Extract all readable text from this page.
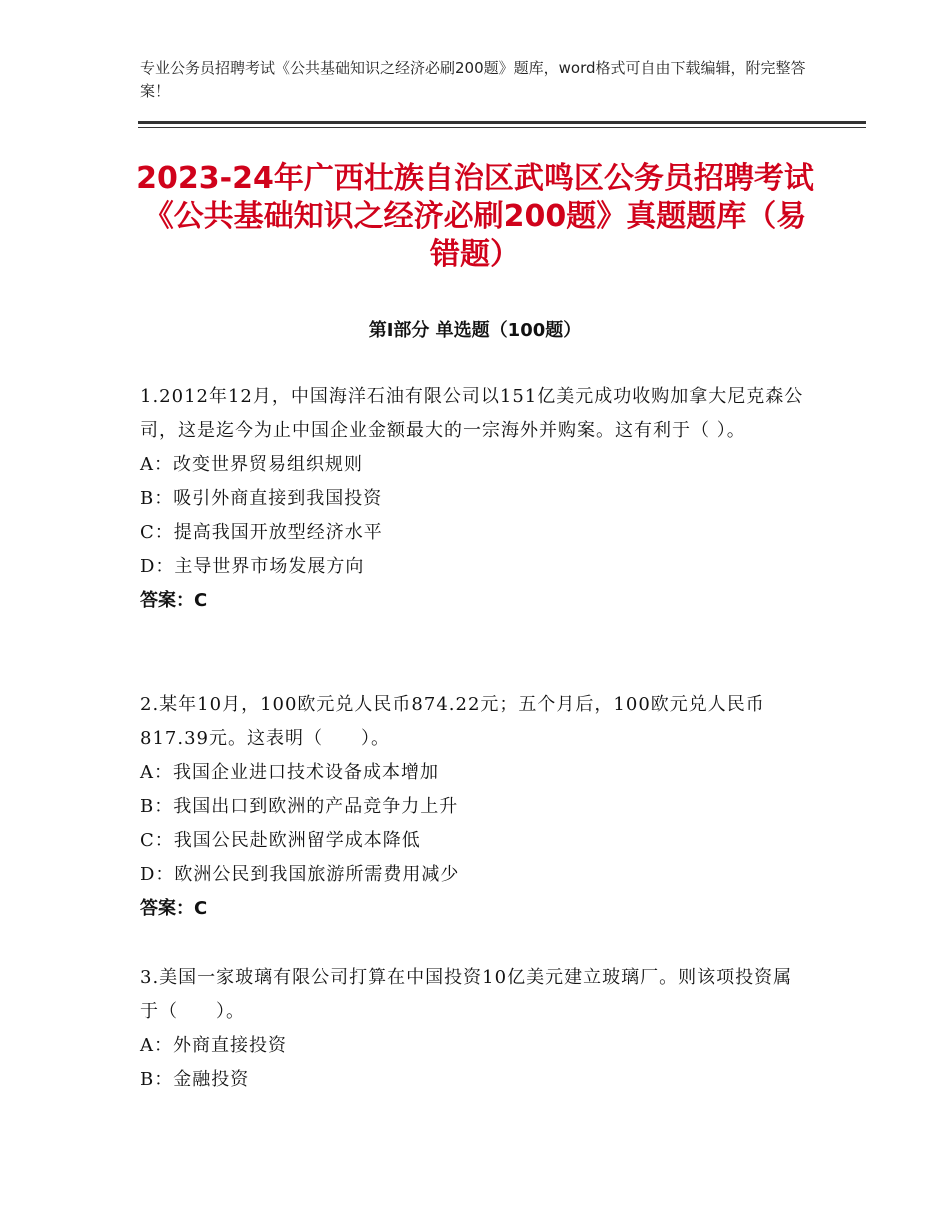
专业公务员招聘考试《公共基础知识之经济必刷200题》题库，word格式可自由下载编辑，附完整答案！
2023-24年广西壮族自治区武鸣区公务员招聘考试《公共基础知识之经济必刷200题》真题题库（易错题）
第Ⅰ部分 单选题（100题）
1.2012年12月，中国海洋石油有限公司以151亿美元成功收购加拿大尼克森公司，这是迄今为止中国企业金额最大的一宗海外并购案。这有利于（ ）。
A：改变世界贸易组织规则
B：吸引外商直接到我国投资
C：提高我国开放型经济水平
D：主导世界市场发展方向
答案：C
2.某年10月，100欧元兑人民币874.22元；五个月后，100欧元兑人民币817.39元。这表明（　　）。
A：我国企业进口技术设备成本增加
B：我国出口到欧洲的产品竞争力上升
C：我国公民赴欧洲留学成本降低
D：欧洲公民到我国旅游所需费用减少
答案：C
3.美国一家玻璃有限公司打算在中国投资10亿美元建立玻璃厂。则该项投资属于（　　）。
A：外商直接投资
B：金融投资
